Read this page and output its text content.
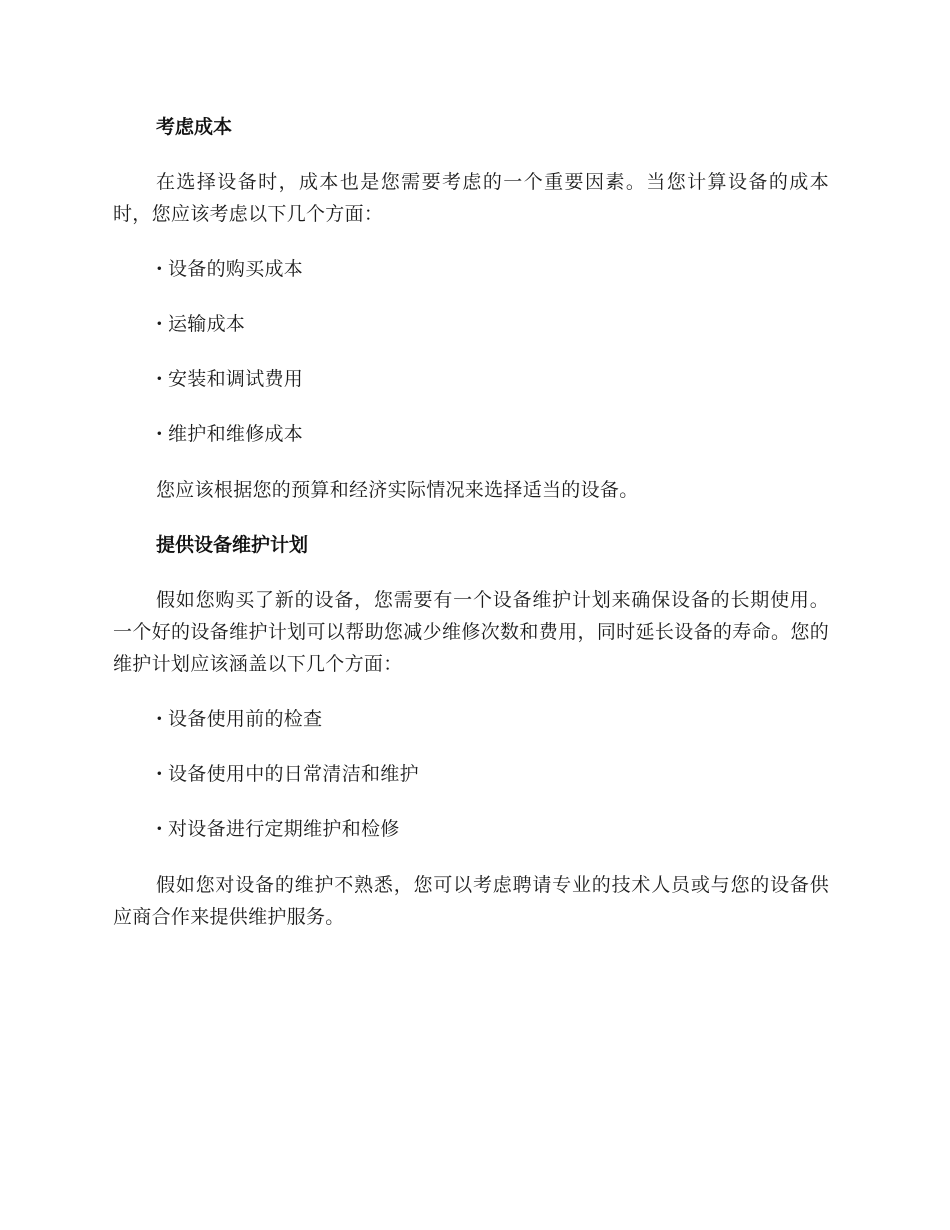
考虑成本

在选择设备时，成本也是您需要考虑的一个重要因素。当您计算设备的成本时，您应该考虑以下几个方面：

· 设备的购买成本
· 运输成本
· 安装和调试费用
· 维护和维修成本

您应该根据您的预算和经济实际情况来选择适当的设备。

提供设备维护计划

假如您购买了新的设备，您需要有一个设备维护计划来确保设备的长期使用。一个好的设备维护计划可以帮助您减少维修次数和费用，同时延长设备的寿命。您的维护计划应该涵盖以下几个方面：

· 设备使用前的检查
· 设备使用中的日常清洁和维护
· 对设备进行定期维护和检修

假如您对设备的维护不熟悉，您可以考虑聘请专业的技术人员或与您的设备供应商合作来提供维护服务。
